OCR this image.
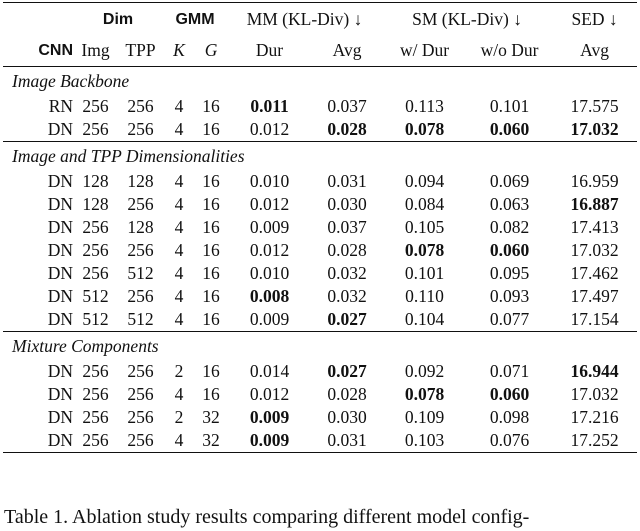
	Dim		GMM		MM (KL-Div) ↓		SM (KL-Div) ↓		SED ↓
CNN	Img	TPP	K	G	Dur	Avg	w/ Dur	w/o Dur	Avg
Image Backbone									
RN	256	256	4	16	0.011	0.037	0.113	0.101	17.575
DN	256	256	4	16	0.012	0.028	0.078	0.060	17.032
Image and TPP Dimensionalities									
DN	128	128	4	16	0.010	0.031	0.094	0.069	16.959
DN	128	256	4	16	0.012	0.030	0.084	0.063	16.887
DN	256	128	4	16	0.009	0.037	0.105	0.082	17.413
DN	256	256	4	16	0.012	0.028	0.078	0.060	17.032
DN	256	512	4	16	0.010	0.032	0.101	0.095	17.462
DN	512	256	4	16	0.008	0.032	0.110	0.093	17.497
DN	512	512	4	16	0.009	0.027	0.104	0.077	17.154
Mixture Components									
DN	256	256	2	16	0.014	0.027	0.092	0.071	16.944
DN	256	256	4	16	0.012	0.028	0.078	0.060	17.032
DN	256	256	2	32	0.009	0.030	0.109	0.098	17.216
DN	256	256	4	32	0.009	0.031	0.103	0.076	17.252
Table 1. Ablation study results comparing different model config-
